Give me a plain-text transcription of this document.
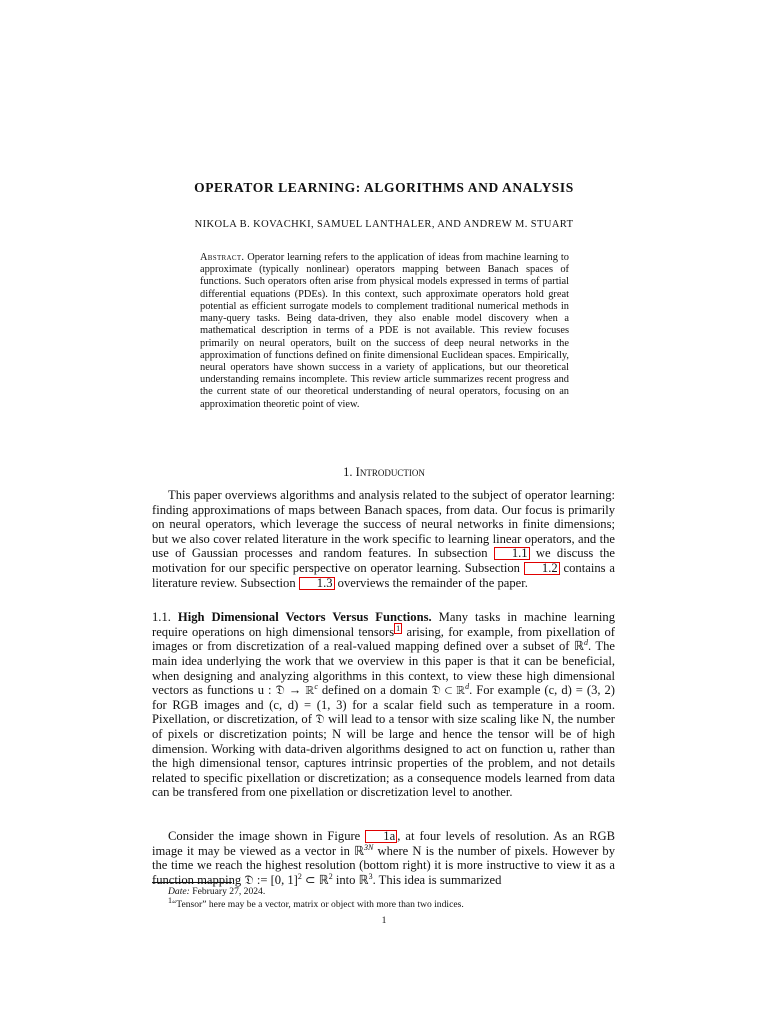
OPERATOR LEARNING: ALGORITHMS AND ANALYSIS
NIKOLA B. KOVACHKI, SAMUEL LANTHALER, AND ANDREW M. STUART
Abstract. Operator learning refers to the application of ideas from machine learning to approximate (typically nonlinear) operators mapping between Banach spaces of functions. Such operators often arise from physical models expressed in terms of partial differential equations (PDEs). In this context, such approximate operators hold great potential as efficient surrogate models to complement traditional numerical methods in many-query tasks. Being data-driven, they also enable model discovery when a mathematical description in terms of a PDE is not available. This review focuses primarily on neural operators, built on the success of deep neural networks in the approximation of functions defined on finite dimensional Euclidean spaces. Empirically, neural operators have shown success in a variety of applications, but our theoretical understanding remains incomplete. This review article summarizes recent progress and the current state of our theoretical understanding of neural operators, focusing on an approximation theoretic point of view.
1. Introduction
This paper overviews algorithms and analysis related to the subject of operator learning: finding approximations of maps between Banach spaces, from data. Our focus is primarily on neural operators, which leverage the success of neural networks in finite dimensions; but we also cover related literature in the work specific to learning linear operators, and the use of Gaussian processes and random features. In subsection 1.1 we discuss the motivation for our specific perspective on operator learning. Subsection 1.2 contains a literature review. Subsection 1.3 overviews the remainder of the paper.
1.1. High Dimensional Vectors Versus Functions. Many tasks in machine learning require operations on high dimensional tensors $^1$ arising, for example, from pixellation of images or from discretization of a real-valued mapping defined over a subset of ℝ$^d$. The main idea underlying the work that we overview in this paper is that it can be beneficial, when designing and analyzing algorithms in this context, to view these high dimensional vectors as functions u : 𝔇 → ℝ$^c$ defined on a domain 𝔇 ⊂ ℝ$^d$. For example (c, d) = (3, 2) for RGB images and (c, d) = (1, 3) for a scalar field such as temperature in a room. Pixellation, or discretization, of 𝔇 will lead to a tensor with size scaling like N, the number of pixels or discretization points; N will be large and hence the tensor will be of high dimension. Working with data-driven algorithms designed to act on function u, rather than the high dimensional tensor, captures intrinsic properties of the problem, and not details related to specific pixellation or discretization; as a consequence models learned from data can be transfered from one pixellation or discretization level to another.
Consider the image shown in Figure 1a , at four levels of resolution. As an RGB image it may be viewed as a vector in ℝ$^{3N}$ where N is the number of pixels. However by the time we reach the highest resolution (bottom right) it is more instructive to view it as a function mapping 𝔇 := [0, 1]$^2$ ⊂ ℝ$^2$ into ℝ$^3$. This idea is summarized
Date: February 27, 2024.
$^1$“Tensor” here may be a vector, matrix or object with more than two indices.
1
